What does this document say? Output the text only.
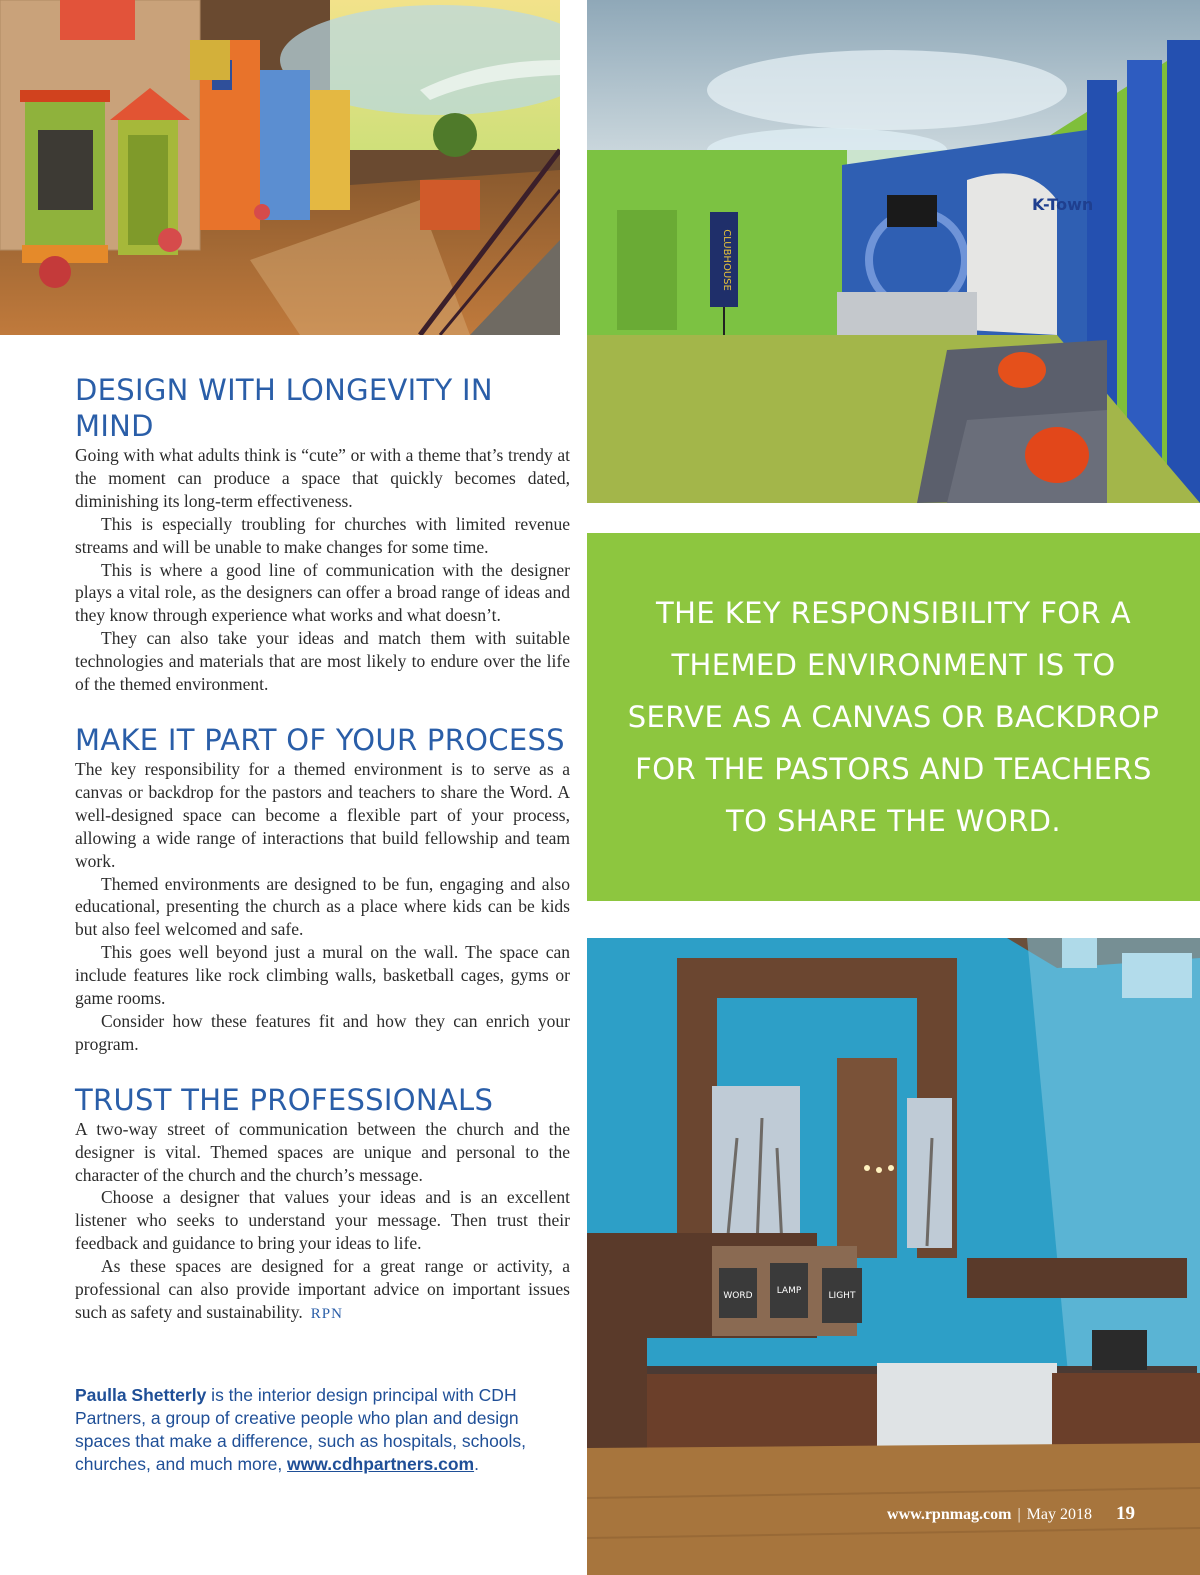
CLUBHOUSE
K-Town
DESIGN WITH LONGEVITY IN MIND

Going with what adults think is “cute” or with a theme that’s trendy at the moment can produce a space that quickly becomes dated, diminishing its long-term effectiveness.

This is especially troubling for churches with limited revenue streams and will be unable to make changes for some time.

This is where a good line of communication with the designer plays a vital role, as the designers can offer a broad range of ideas and they know through experience what works and what doesn’t.

They can also take your ideas and match them with suitable technologies and materials that are most likely to endure over the life of the themed environment.

MAKE IT PART OF YOUR PROCESS

The key responsibility for a themed environment is to serve as a canvas or backdrop for the pastors and teachers to share the Word. A well-designed space can become a flexible part of your process, allowing a wide range of interactions that build fellowship and team work.

Themed environments are designed to be fun, engaging and also educational, presenting the church as a place where kids can be kids but also feel welcomed and safe.

This goes well beyond just a mural on the wall. The space can include features like rock climbing walls, basketball cages, gyms or game rooms.

Consider how these features fit and how they can enrich your program.

TRUST THE PROFESSIONALS

A two-way street of communication between the church and the designer is vital. Themed spaces are unique and personal to the character of the church and the church’s message.

Choose a designer that values your ideas and is an excellent listener who seeks to understand your message. Then trust their feedback and guidance to bring your ideas to life.

As these spaces are designed for a great range or activity, a professional can also provide important advice on important issues such as safety and sustainability. RPN

Paulla Shetterly is the interior design principal with CDH Partners, a group of creative people who plan and design spaces that make a difference, such as hospitals, schools, churches, and much more, www.cdhpartners.com.
THE KEY RESPONSIBILITY FOR A THEMED ENVIRONMENT IS TO SERVE AS A CANVAS OR BACKDROP FOR THE PASTORS AND TEACHERS TO SHARE THE WORD.
WORD	LAMP	LIGHT
www.rpnmag.com | May 2018 19
